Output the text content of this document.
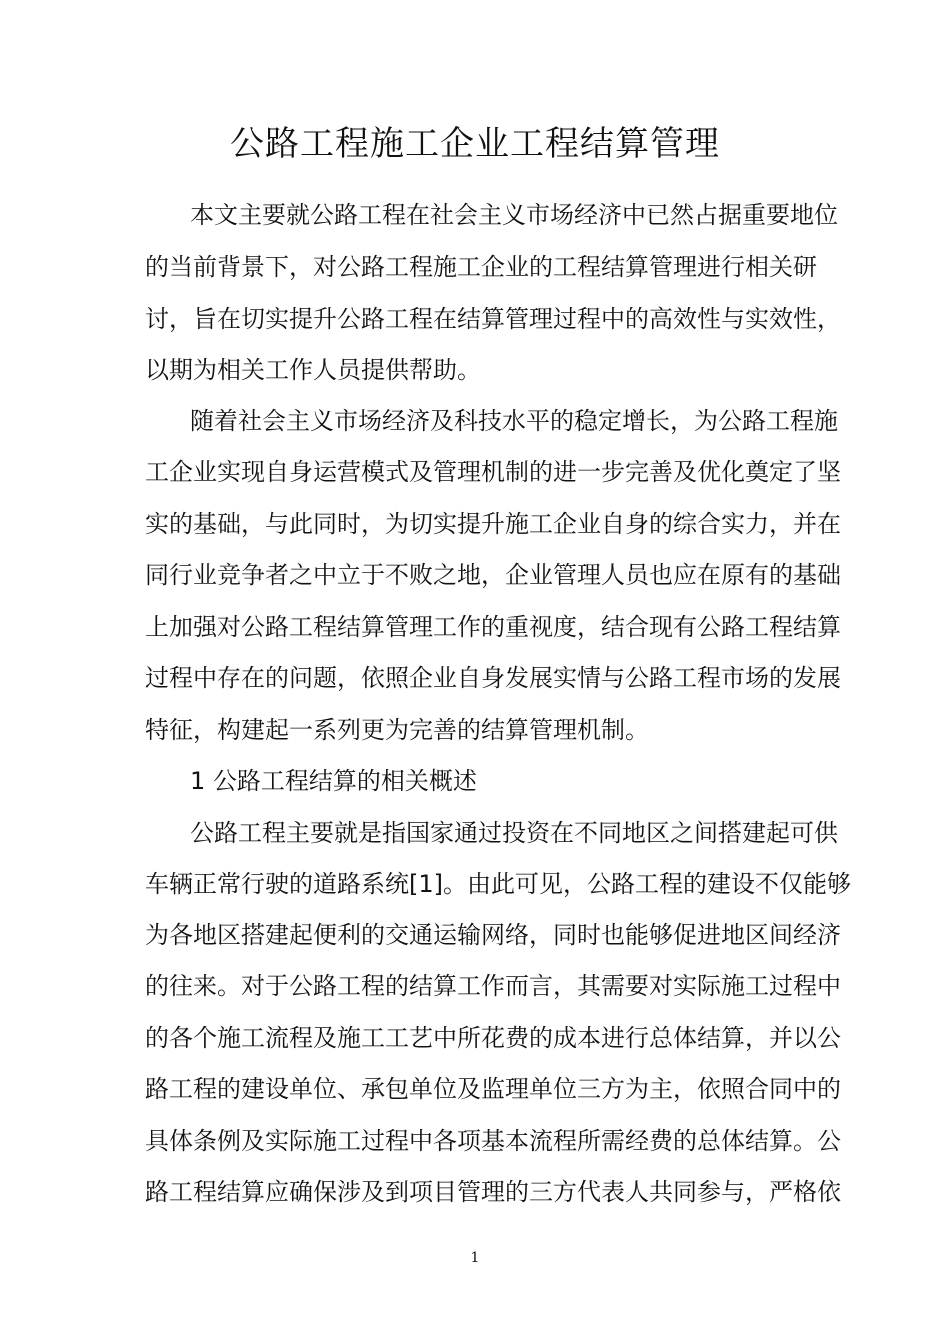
公路工程施工企业工程结算管理
本文主要就公路工程在社会主义市场经济中已然占据重要地位
的当前背景下，对公路工程施工企业的工程结算管理进行相关研
讨，旨在切实提升公路工程在结算管理过程中的高效性与实效性，
以期为相关工作人员提供帮助。
随着社会主义市场经济及科技水平的稳定增长，为公路工程施
工企业实现自身运营模式及管理机制的进一步完善及优化奠定了坚
实的基础，与此同时，为切实提升施工企业自身的综合实力，并在
同行业竞争者之中立于不败之地，企业管理人员也应在原有的基础
上加强对公路工程结算管理工作的重视度，结合现有公路工程结算
过程中存在的问题，依照企业自身发展实情与公路工程市场的发展
特征，构建起一系列更为完善的结算管理机制。
1 公路工程结算的相关概述
公路工程主要就是指国家通过投资在不同地区之间搭建起可供
车辆正常行驶的道路系统[1]。由此可见，公路工程的建设不仅能够
为各地区搭建起便利的交通运输网络，同时也能够促进地区间经济
的往来。对于公路工程的结算工作而言，其需要对实际施工过程中
的各个施工流程及施工工艺中所花费的成本进行总体结算，并以公
路工程的建设单位、承包单位及监理单位三方为主，依照合同中的
具体条例及实际施工过程中各项基本流程所需经费的总体结算。公
路工程结算应确保涉及到项目管理的三方代表人共同参与，严格依
1
